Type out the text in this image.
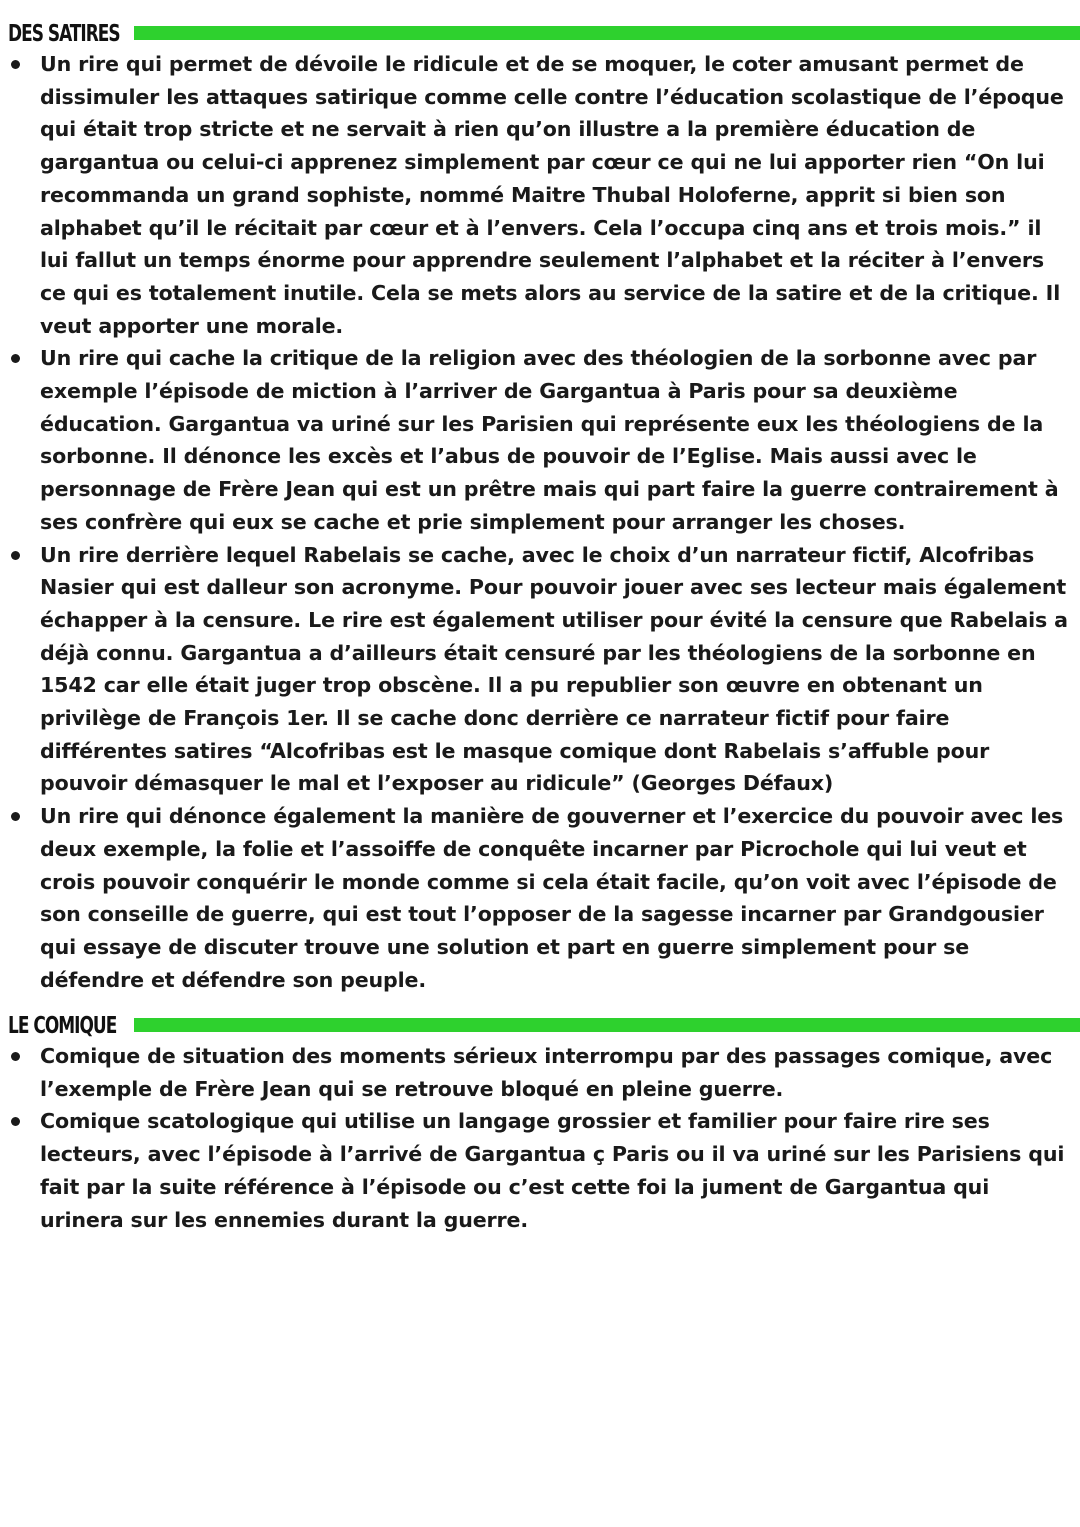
DES SATIRES
Un rire qui permet de dévoile le ridicule et de se moquer, le coter amusant permet de dissimuler les attaques satirique comme celle contre l’éducation scolastique de l’époque qui était trop stricte et ne servait à rien qu’on illustre a la première éducation de gargantua ou celui-ci apprenez simplement par cœur ce qui ne lui apporter rien “On lui recommanda un grand sophiste, nommé Maitre Thubal Holoferne, apprit si bien son alphabet qu’il le récitait par cœur et à l’envers. Cela l’occupa cinq ans et trois mois.” il lui fallut un temps énorme pour apprendre seulement l’alphabet et la réciter à l’envers ce qui es totalement inutile. Cela se mets alors au service de la satire et de la critique. Il veut apporter une morale.
Un rire qui cache la critique de la religion avec des théologien de la sorbonne avec par exemple l’épisode de miction à l’arriver de Gargantua à Paris pour sa deuxième éducation. Gargantua va uriné sur les Parisien qui représente eux les théologiens de la sorbonne. Il dénonce les excès et l’abus de pouvoir de l’Eglise. Mais aussi avec le personnage de Frère Jean qui est un prêtre mais qui part faire la guerre contrairement à ses confrère qui eux se cache et prie simplement pour arranger les choses.
Un rire derrière lequel Rabelais se cache, avec le choix d’un narrateur fictif, Alcofribas Nasier qui est dalleur son acronyme. Pour pouvoir jouer avec ses lecteur mais également échapper à la censure. Le rire est également utiliser pour évité la censure que Rabelais a déjà connu. Gargantua a d’ailleurs était censuré par les théologiens de la sorbonne en 1542 car elle était juger trop obscène. Il a pu republier son œuvre en obtenant un privilège de François 1er. Il se cache donc derrière ce narrateur fictif pour faire différentes satires “Alcofribas est le masque comique dont Rabelais s’affuble pour pouvoir démasquer le mal et l’exposer au ridicule” (Georges Défaux)
Un rire qui dénonce également la manière de gouverner et l’exercice du pouvoir avec les deux exemple, la folie et l’assoiffe de conquête incarner par Picrochole qui lui veut et crois pouvoir conquérir le monde comme si cela était facile, qu’on voit avec l’épisode de son conseille de guerre, qui est tout l’opposer de la sagesse incarner par Grandgousier qui essaye de discuter trouve une solution et part en guerre simplement pour se défendre et défendre son peuple.
LE COMIQUE
Comique de situation des moments sérieux interrompu par des passages comique, avec l’exemple de Frère Jean qui se retrouve bloqué en pleine guerre.
Comique scatologique qui utilise un langage grossier et familier pour faire rire ses lecteurs, avec l’épisode à l’arrivé de Gargantua ç Paris ou il va uriné sur les Parisiens qui fait par la suite référence à l’épisode ou c’est cette foi la jument de Gargantua qui urinera sur les ennemies durant la guerre.
